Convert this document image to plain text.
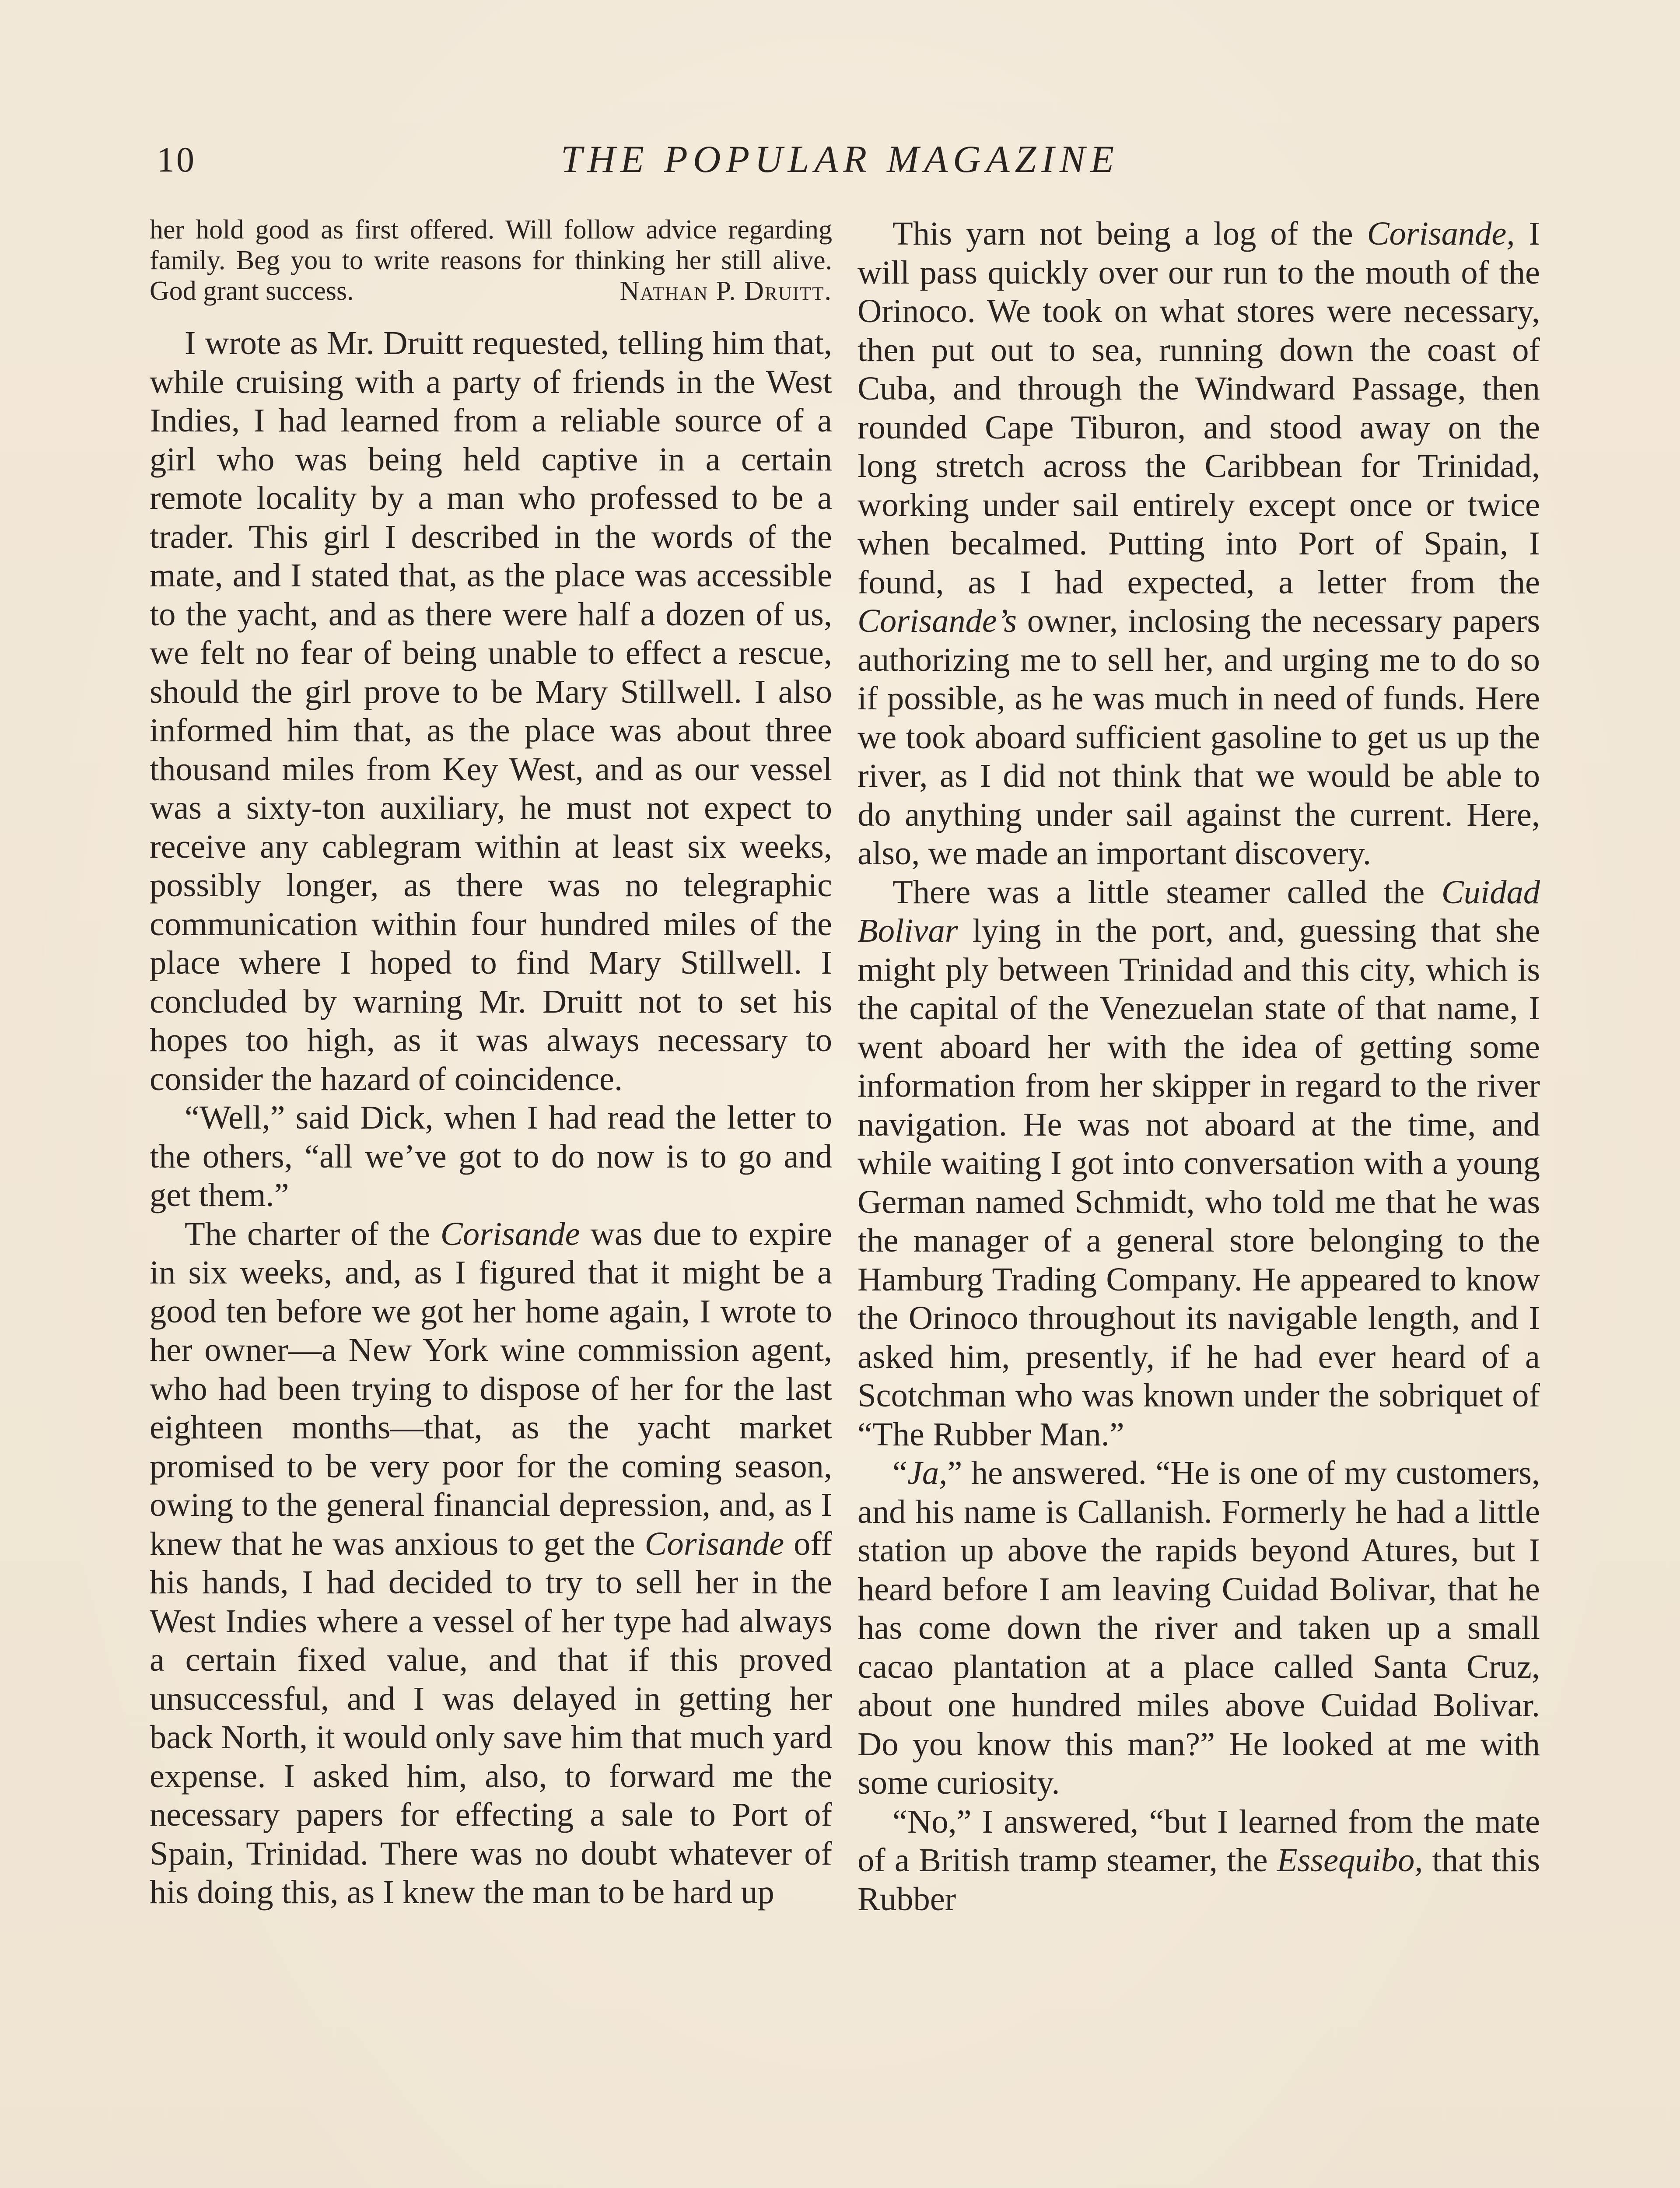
10	THE POPULAR MAGAZINE
her hold good as first offered. Will follow advice regarding family. Beg you to write reasons for thinking her still alive. God grant success.	Nathan P. Druitt.

I wrote as Mr. Druitt requested, telling him that, while cruising with a party of friends in the West Indies, I had learned from a reliable source of a girl who was being held captive in a certain remote locality by a man who professed to be a trader. This girl I described in the words of the mate, and I stated that, as the place was accessible to the yacht, and as there were half a dozen of us, we felt no fear of being unable to effect a rescue, should the girl prove to be Mary Stillwell. I also informed him that, as the place was about three thousand miles from Key West, and as our vessel was a sixty-ton auxiliary, he must not expect to receive any cablegram within at least six weeks, possibly longer, as there was no telegraphic communication within four hundred miles of the place where I hoped to find Mary Stillwell. I concluded by warning Mr. Druitt not to set his hopes too high, as it was always necessary to consider the hazard of coincidence.

“Well,” said Dick, when I had read the letter to the others, “all we’ve got to do now is to go and get them.”

The charter of the Corisande was due to expire in six weeks, and, as I figured that it might be a good ten before we got her home again, I wrote to her owner—a New York wine commission agent, who had been trying to dispose of her for the last eighteen months—that, as the yacht market promised to be very poor for the coming season, owing to the general financial depression, and, as I knew that he was anxious to get the Corisande off his hands, I had decided to try to sell her in the West Indies where a vessel of her type had always a certain fixed value, and that if this proved unsuccessful, and I was delayed in getting her back North, it would only save him that much yard expense. I asked him, also, to forward me the necessary papers for effecting a sale to Port of Spain, Trinidad. There was no doubt whatever of his doing this, as I knew the man to be hard up

This yarn not being a log of the Corisande, I will pass quickly over our run to the mouth of the Orinoco. We took on what stores were necessary, then put out to sea, running down the coast of Cuba, and through the Windward Passage, then rounded Cape Tiburon, and stood away on the long stretch across the Caribbean for Trinidad, working under sail entirely except once or twice when becalmed. Putting into Port of Spain, I found, as I had expected, a letter from the Corisande’s owner, inclosing the necessary papers authorizing me to sell her, and urging me to do so if possible, as he was much in need of funds. Here we took aboard sufficient gasoline to get us up the river, as I did not think that we would be able to do anything under sail against the current. Here, also, we made an important discovery.

There was a little steamer called the Cuidad Bolivar lying in the port, and, guessing that she might ply between Trinidad and this city, which is the capital of the Venezuelan state of that name, I went aboard her with the idea of getting some information from her skipper in regard to the river navigation. He was not aboard at the time, and while waiting I got into conversation with a young German named Schmidt, who told me that he was the manager of a general store belonging to the Hamburg Trading Company. He appeared to know the Orinoco throughout its navigable length, and I asked him, presently, if he had ever heard of a Scotchman who was known under the sobriquet of “The Rubber Man.”

“Ja,” he answered. “He is one of my customers, and his name is Callanish. Formerly he had a little station up above the rapids beyond Atures, but I heard before I am leaving Cuidad Bolivar, that he has come down the river and taken up a small cacao plantation at a place called Santa Cruz, about one hundred miles above Cuidad Bolivar. Do you know this man?” He looked at me with some curiosity.

“No,” I answered, “but I learned from the mate of a British tramp steamer, the Essequibo, that this Rubber
